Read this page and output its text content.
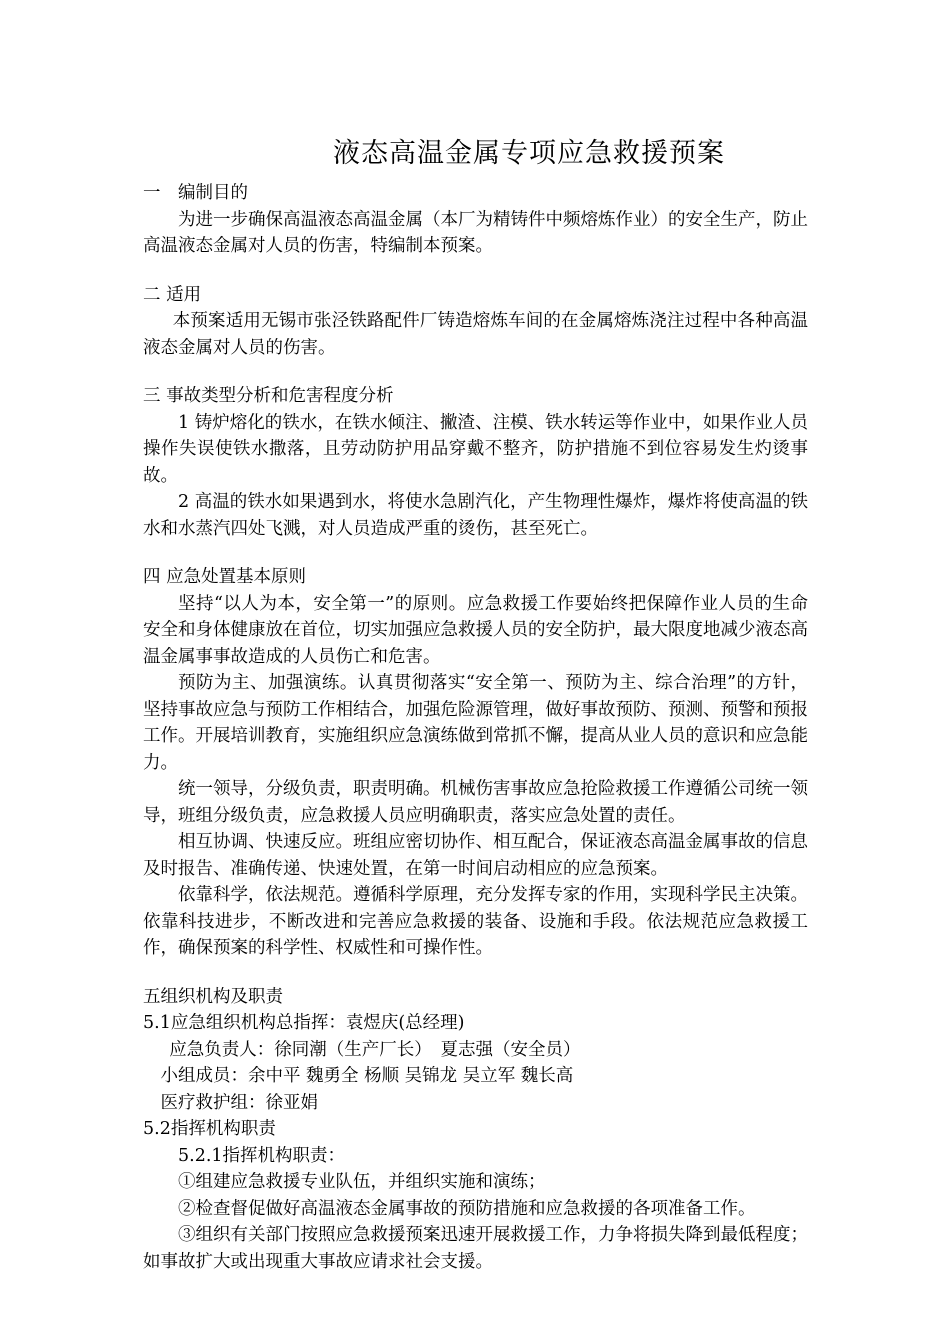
液态高温金属专项应急救援预案

一　编制目的

为进一步确保高温液态高温金属（本厂为精铸件中频熔炼作业）的安全生产，防止高温液态金属对人员的伤害，特编制本预案。

二 适用

本预案适用无锡市张泾铁路配件厂铸造熔炼车间的在金属熔炼浇注过程中各种高温液态金属对人员的伤害。

三 事故类型分析和危害程度分析

1 铸炉熔化的铁水，在铁水倾注、撇渣、注模、铁水转运等作业中，如果作业人员操作失误使铁水撒落，且劳动防护用品穿戴不整齐，防护措施不到位容易发生灼烫事故。

2 高温的铁水如果遇到水，将使水急剧汽化，产生物理性爆炸，爆炸将使高温的铁水和水蒸汽四处飞溅，对人员造成严重的烫伤，甚至死亡。

四 应急处置基本原则

坚持“以人为本，安全第一”的原则。应急救援工作要始终把保障作业人员的生命安全和身体健康放在首位，切实加强应急救援人员的安全防护，最大限度地减少液态高温金属事事故造成的人员伤亡和危害。

预防为主、加强演练。认真贯彻落实“安全第一、预防为主、综合治理”的方针，坚持事故应急与预防工作相结合，加强危险源管理，做好事故预防、预测、预警和预报工作。开展培训教育，实施组织应急演练做到常抓不懈，提高从业人员的意识和应急能力。

统一领导，分级负责，职责明确。机械伤害事故应急抢险救援工作遵循公司统一领导，班组分级负责，应急救援人员应明确职责，落实应急处置的责任。

相互协调、快速反应。班组应密切协作、相互配合，保证液态高温金属事故的信息及时报告、准确传递、快速处置，在第一时间启动相应的应急预案。

依靠科学，依法规范。遵循科学原理，充分发挥专家的作用，实现科学民主决策。依靠科技进步，不断改进和完善应急救援的装备、设施和手段。依法规范应急救援工作，确保预案的科学性、权威性和可操作性。

五组织机构及职责

5.1应急组织机构总指挥：袁煜庆(总经理)

应急负责人：徐同潮（生产厂长）　夏志强（安全员）

小组成员：余中平 魏勇全 杨顺 吴锦龙 吴立军 魏长高

医疗救护组：徐亚娟

5.2指挥机构职责

5.2.1指挥机构职责：

①组建应急救援专业队伍，并组织实施和演练；

②检查督促做好高温液态金属事故的预防措施和应急救援的各项准备工作。

③组织有关部门按照应急救援预案迅速开展救援工作，力争将损失降到最低程度；如事故扩大或出现重大事故应请求社会支援。
